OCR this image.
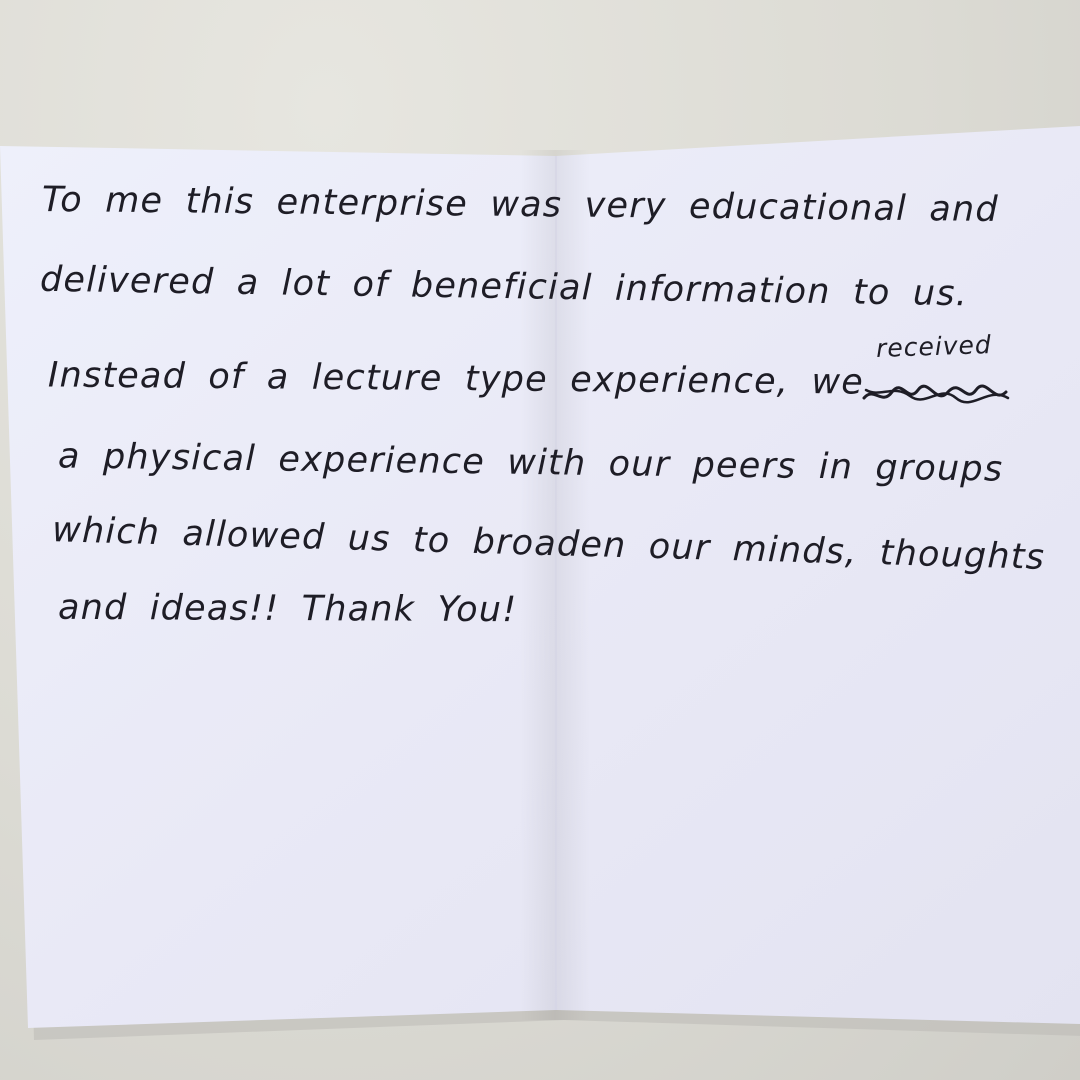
To me this enterprise was very educational and
delivered a lot of beneficial information to us.
Instead of a lecture type experience, we
received
a physical experience with our peers in groups
which allowed us to broaden our minds, thoughts
and ideas!! Thank You!
